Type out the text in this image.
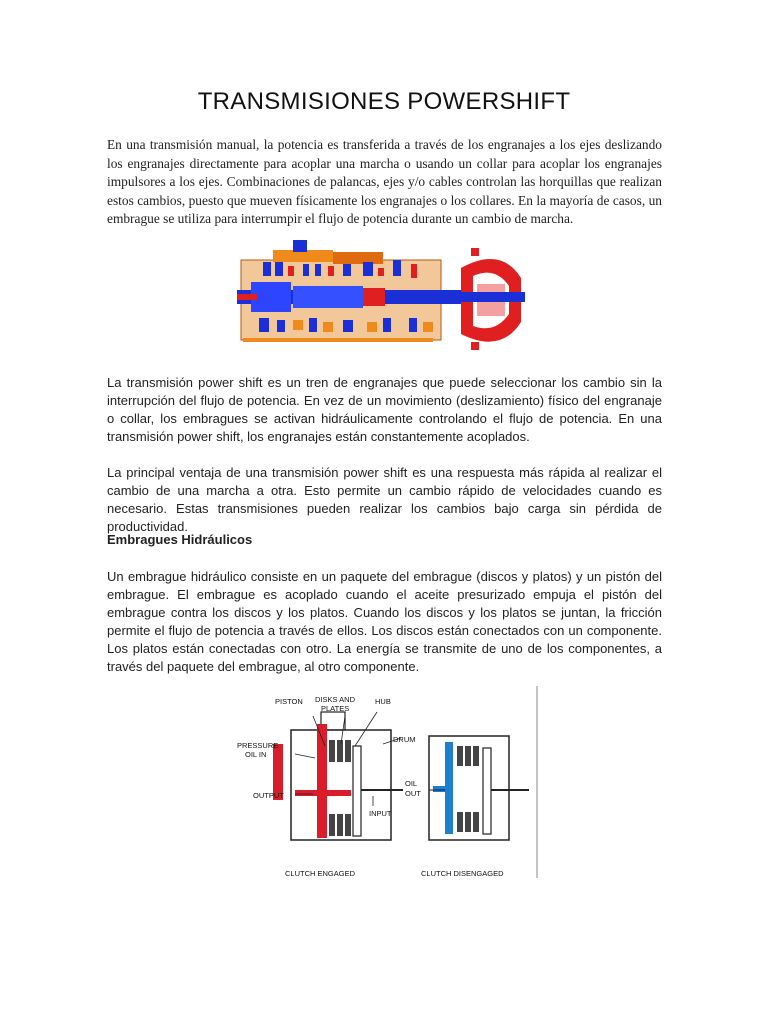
TRANSMISIONES POWERSHIFT

En una transmisión manual, la potencia es transferida a través de los engranajes a los ejes deslizando los engranajes directamente para acoplar una marcha o usando un collar para acoplar los engranajes impulsores a los ejes. Combinaciones de palancas, ejes y/o cables controlan las horquillas que realizan estos cambios, puesto que mueven físicamente los engranajes o los collares. En la mayoría de casos, un embrague se utiliza para interrumpir el flujo de potencia durante un cambio de marcha.

La transmisión power shift es un tren de engranajes que puede seleccionar los cambio sin la interrupción del flujo de potencia. En vez de un movimiento (deslizamiento) físico del engranaje o collar, los embragues se activan hidráulicamente controlando el flujo de potencia. En una transmisión power shift, los engranajes están constantemente acoplados.

La principal ventaja de una transmisión power shift es una respuesta más rápida al realizar el cambio de una marcha a otra. Esto permite un cambio rápido de velocidades cuando es necesario. Estas transmisiones pueden realizar los cambios bajo carga sin pérdida de productividad.

Embragues Hidráulicos

Un embrague hidráulico consiste en un paquete del embrague (discos y platos) y un pistón del embrague. El embrague es acoplado cuando el aceite presurizado empuja el pistón del embrague contra los discos y los platos. Cuando los discos y los platos se juntan, la fricción permite el flujo de potencia a través de ellos. Los discos están conectados con un componente. Los platos están conectadas con otro. La energía se transmite de uno de los componentes, a través del paquete del embrague, al otro componente.

PISTON DISKS AND
PLATES
HUB
DRUM
PRESSURE
OIL IN
OUTPUT
INPUT
CLUTCH ENGAGED
OIL
OUT
CLUTCH DISENGAGED
